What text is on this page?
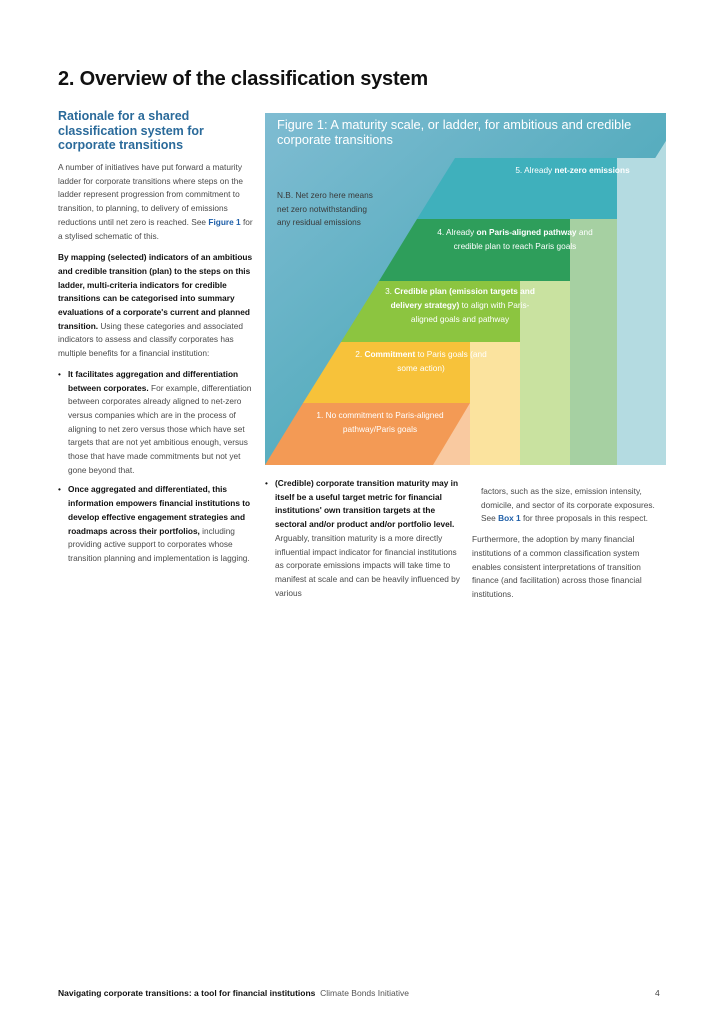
2. Overview of the classification system
Rationale for a shared classification system for corporate transitions

A number of initiatives have put forward a maturity ladder for corporate transitions where steps on the ladder represent progression from commitment to transition, to planning, to delivery of emissions reductions until net zero is reached. See Figure 1 for a stylised schematic of this.

By mapping (selected) indicators of an ambitious and credible transition (plan) to the steps on this ladder, multi-criteria indicators for credible transitions can be categorised into summary evaluations of a corporate's current and planned transition. Using these categories and associated indicators to assess and classify corporates has multiple benefits for a financial institution:

• It facilitates aggregation and differentiation between corporates. For example, differentiation between corporates already aligned to net-zero versus companies which are in the process of aligning to net zero versus those which have set targets that are not yet ambitious enough, versus those that have made commitments but not yet gone beyond that.
• Once aggregated and differentiated, this information empowers financial institutions to develop effective engagement strategies and roadmaps across their portfolios, including providing active support to corporates whose transition planning and implementation is lagging.
Figure 1: A maturity scale, or ladder, for ambitious and credible corporate transitions
N.B. Net zero here means net zero notwithstanding any residual emissions
5. Already net-zero emissions
4. Already on Paris-aligned pathway and credible plan to reach Paris goals
3. Credible plan (emission targets and delivery strategy) to align with Paris-aligned goals and pathway
2. Commitment to Paris goals (and some action)
1. No commitment to Paris-aligned pathway/Paris goals
• (Credible) corporate transition maturity may in itself be a useful target metric for financial institutions' own transition targets at the sectoral and/or product and/or portfolio level. Arguably, transition maturity is a more directly influential impact indicator for financial institutions as corporate emissions impacts will take time to manifest at scale and can be heavily influenced by various

factors, such as the size, emission intensity, domicile, and sector of its corporate exposures. See Box 1 for three proposals in this respect.

Furthermore, the adoption by many financial institutions of a common classification system enables consistent interpretations of transition finance (and facilitation) across those financial institutions.

Navigating corporate transitions: a tool for financial institutions Climate Bonds Initiative	4
